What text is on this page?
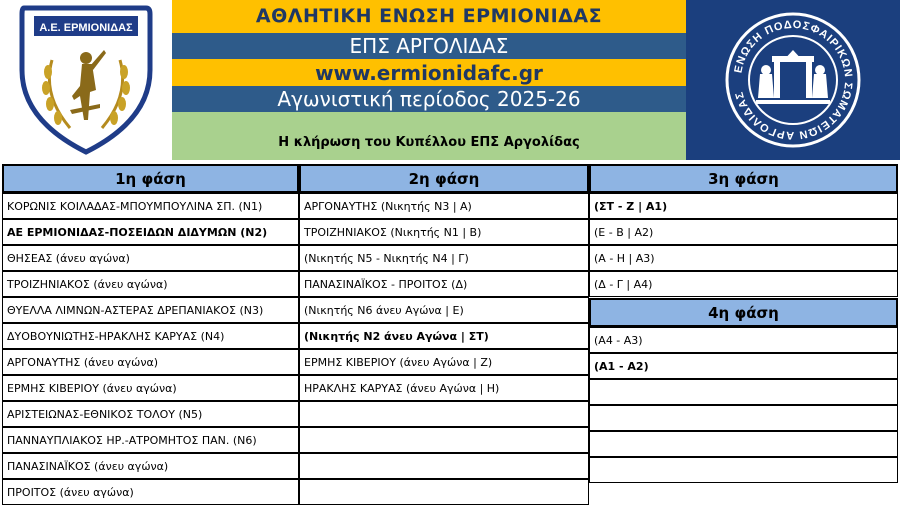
Α.Ε. ΕΡΜΙΟΝΙΔΑΣ
ΑΘΛΗΤΙΚΗ ΕΝΩΣΗ ΕΡΜΙΟΝΙΔΑΣ
ΕΠΣ ΑΡΓΟΛΙΔΑΣ
www.ermionidafc.gr
Αγωνιστική περίοδος 2025-26
Η κλήρωση του Κυπέλλου ΕΠΣ Αργολίδας
ΕΝΩΣΗ ΠΟΔΟΣΦΑΙΡΙΚΩΝ ΣΩΜΑΤΕΙΩΝ ΑΡΓΟΛΙΔΑΣ
1η φάση
ΚΟΡΩΝΙΣ ΚΟΙΛΑΔΑΣ-ΜΠΟΥΜΠΟΥΛΙΝΑ ΣΠ. (Ν1)
ΑΕ ΕΡΜΙΟΝΙΔΑΣ-ΠΟΣΕΙΔΩΝ ΔΙΔΥΜΩΝ (Ν2)
ΘΗΣΕΑΣ (άνευ αγώνα)
ΤΡΟΙΖΗΝΙΑΚΟΣ (άνευ αγώνα)
ΘΥΕΛΛΑ ΛΙΜΝΩΝ-ΑΣΤΕΡΑΣ ΔΡΕΠΑΝΙΑΚΟΣ (Ν3)
ΔΥΟΒΟΥΝΙΩΤΗΣ-ΗΡΑΚΛΗΣ ΚΑΡΥΑΣ (Ν4)
ΑΡΓΟΝΑΥΤΗΣ (άνευ αγώνα)
ΕΡΜΗΣ ΚΙΒΕΡΙΟΥ (άνευ αγώνα)
ΑΡΙΣΤΕΙΩΝΑΣ-ΕΘΝΙΚΟΣ ΤΟΛΟΥ (Ν5)
ΠΑΝΝΑΥΠΛΙΑΚΟΣ ΗΡ.-ΑΤΡΟΜΗΤΟΣ ΠΑΝ. (Ν6)
ΠΑΝΑΣΙΝΑΪΚΟΣ (άνευ αγώνα)
ΠΡΟΙΤΟΣ (άνευ αγώνα)
2η φάση
ΑΡΓΟΝΑΥΤΗΣ (Νικητής Ν3 | Α)
ΤΡΟΙΖΗΝΙΑΚΟΣ (Νικητής Ν1 | Β)
(Νικητής Ν5 - Νικητής Ν4 | Γ)
ΠΑΝΑΣΙΝΑΪΚΟΣ - ΠΡΟΙΤΟΣ (Δ)
(Νικητής Ν6 άνευ Αγώνα | Ε)
(Νικητής Ν2 άνευ Αγώνα | ΣΤ)
ΕΡΜΗΣ ΚΙΒΕΡΙΟΥ (άνευ Αγώνα | Ζ)
ΗΡΑΚΛΗΣ ΚΑΡΥΑΣ (άνευ Αγώνα | Η)
3η φάση
(ΣΤ - Ζ | Α1)
(Ε - Β | Α2)
(Α - Η | Α3)
(Δ - Γ | Α4)
4η φάση
(Α4 - Α3)
(Α1 - Α2)
